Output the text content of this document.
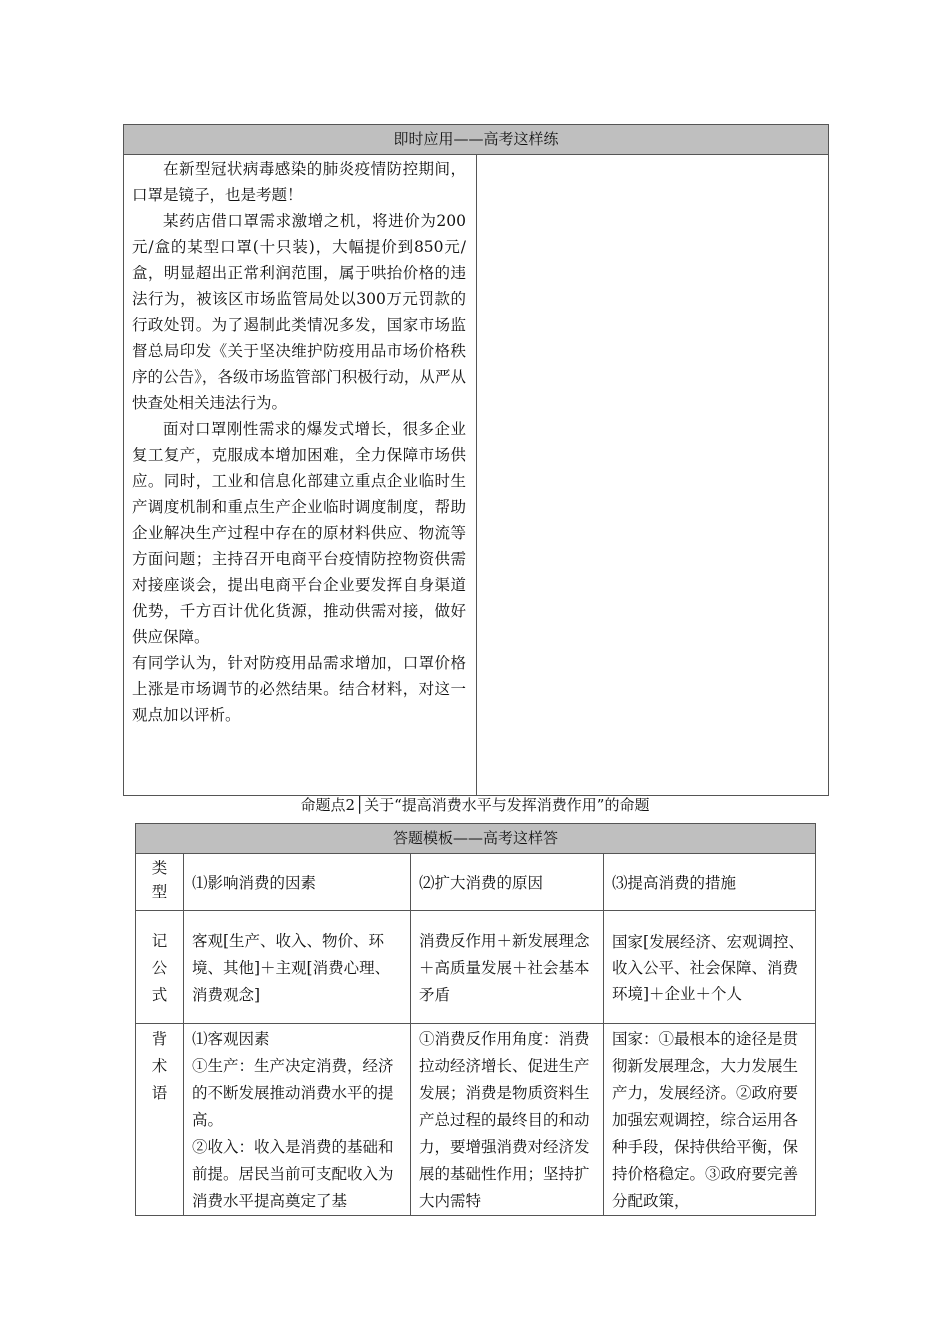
即时应用——高考这样练

在新型冠状病毒感染的肺炎疫情防控期间，口罩是镜子，也是考题！

某药店借口罩需求激增之机，将进价为200元/盒的某型口罩(十只装)，大幅提价到850元/盒，明显超出正常利润范围，属于哄抬价格的违法行为，被该区市场监管局处以300万元罚款的行政处罚。为了遏制此类情况多发，国家市场监督总局印发《关于坚决维护防疫用品市场价格秩序的公告》，各级市场监管部门积极行动，从严从快查处相关违法行为。

面对口罩刚性需求的爆发式增长，很多企业复工复产，克服成本增加困难，全力保障市场供应。同时，工业和信息化部建立重点企业临时生产调度机制和重点生产企业临时调度制度，帮助企业解决生产过程中存在的原材料供应、物流等方面问题；主持召开电商平台疫情防控物资供需对接座谈会，提出电商平台企业要发挥自身渠道优势，千方百计优化货源，推动供需对接，做好供应保障。

有同学认为，针对防疫用品需求增加，口罩价格上涨是市场调节的必然结果。结合材料，对这一观点加以评析。

命题点2│关于“提高消费水平与发挥消费作用”的命题
答题模板——高考这样答			

类型	⑴影响消费的因素	⑵扩大消费的原因	⑶提高消费的措施

记公式	客观[生产、收入、物价、环境、其他]＋主观[消费心理、消费观念]	消费反作用＋新发展理念＋高质量发展＋社会基本矛盾	国家[发展经济、宏观调控、收入公平、社会保障、消费环境]＋企业＋个人

背术语	⑴客观因素
①生产：生产决定消费，经济的不断发展推动消费水平的提高。
②收入：收入是消费的基础和前提。居民当前可支配收入为消费水平提高奠定了基	①消费反作用角度：消费拉动经济增长、促进生产发展；消费是物质资料生产总过程的最终目的和动力，要增强消费对经济发展的基础性作用；坚持扩大内需特	国家：①最根本的途径是贯彻新发展理念，大力发展生产力，发展经济。②政府要加强宏观调控，综合运用各种手段，保持供给平衡，保持价格稳定。③政府要完善分配政策，
